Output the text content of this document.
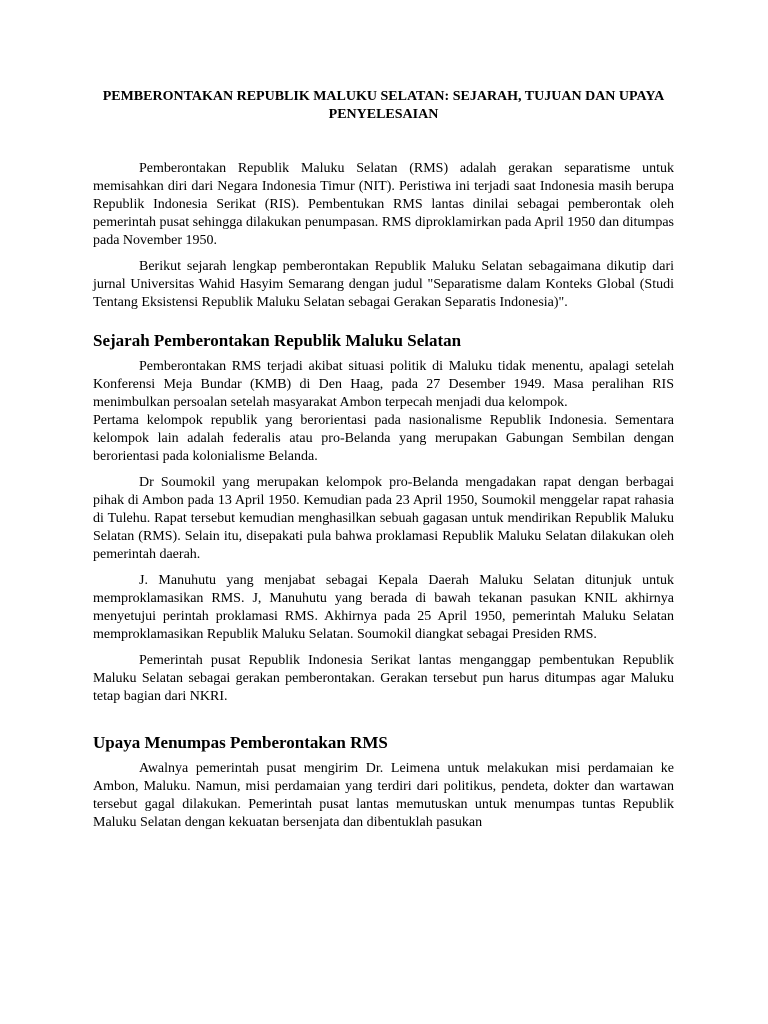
PEMBERONTAKAN REPUBLIK MALUKU SELATAN: SEJARAH, TUJUAN DAN UPAYA PENYELESAIAN

Pemberontakan Republik Maluku Selatan (RMS) adalah gerakan separatisme untuk memisahkan diri dari Negara Indonesia Timur (NIT). Peristiwa ini terjadi saat Indonesia masih berupa Republik Indonesia Serikat (RIS). Pembentukan RMS lantas dinilai sebagai pemberontak oleh pemerintah pusat sehingga dilakukan penumpasan. RMS diproklamirkan pada April 1950 dan ditumpas pada November 1950.

Berikut sejarah lengkap pemberontakan Republik Maluku Selatan sebagaimana dikutip dari jurnal Universitas Wahid Hasyim Semarang dengan judul "Separatisme dalam Konteks Global (Studi Tentang Eksistensi Republik Maluku Selatan sebagai Gerakan Separatis Indonesia)".

Sejarah Pemberontakan Republik Maluku Selatan

Pemberontakan RMS terjadi akibat situasi politik di Maluku tidak menentu, apalagi setelah Konferensi Meja Bundar (KMB) di Den Haag, pada 27 Desember 1949. Masa peralihan RIS menimbulkan persoalan setelah masyarakat Ambon terpecah menjadi dua kelompok.

Pertama kelompok republik yang berorientasi pada nasionalisme Republik Indonesia. Sementara kelompok lain adalah federalis atau pro-Belanda yang merupakan Gabungan Sembilan dengan berorientasi pada kolonialisme Belanda.

Dr Soumokil yang merupakan kelompok pro-Belanda mengadakan rapat dengan berbagai pihak di Ambon pada 13 April 1950. Kemudian pada 23 April 1950, Soumokil menggelar rapat rahasia di Tulehu. Rapat tersebut kemudian menghasilkan sebuah gagasan untuk mendirikan Republik Maluku Selatan (RMS). Selain itu, disepakati pula bahwa proklamasi Republik Maluku Selatan dilakukan oleh pemerintah daerah.

J. Manuhutu yang menjabat sebagai Kepala Daerah Maluku Selatan ditunjuk untuk memproklamasikan RMS. J, Manuhutu yang berada di bawah tekanan pasukan KNIL akhirnya menyetujui perintah proklamasi RMS. Akhirnya pada 25 April 1950, pemerintah Maluku Selatan memproklamasikan Republik Maluku Selatan. Soumokil diangkat sebagai Presiden RMS.

Pemerintah pusat Republik Indonesia Serikat lantas menganggap pembentukan Republik Maluku Selatan sebagai gerakan pemberontakan. Gerakan tersebut pun harus ditumpas agar Maluku tetap bagian dari NKRI.

Upaya Menumpas Pemberontakan RMS

Awalnya pemerintah pusat mengirim Dr. Leimena untuk melakukan misi perdamaian ke Ambon, Maluku. Namun, misi perdamaian yang terdiri dari politikus, pendeta, dokter dan wartawan tersebut gagal dilakukan. Pemerintah pusat lantas memutuskan untuk menumpas tuntas Republik Maluku Selatan dengan kekuatan bersenjata dan dibentuklah pasukan
